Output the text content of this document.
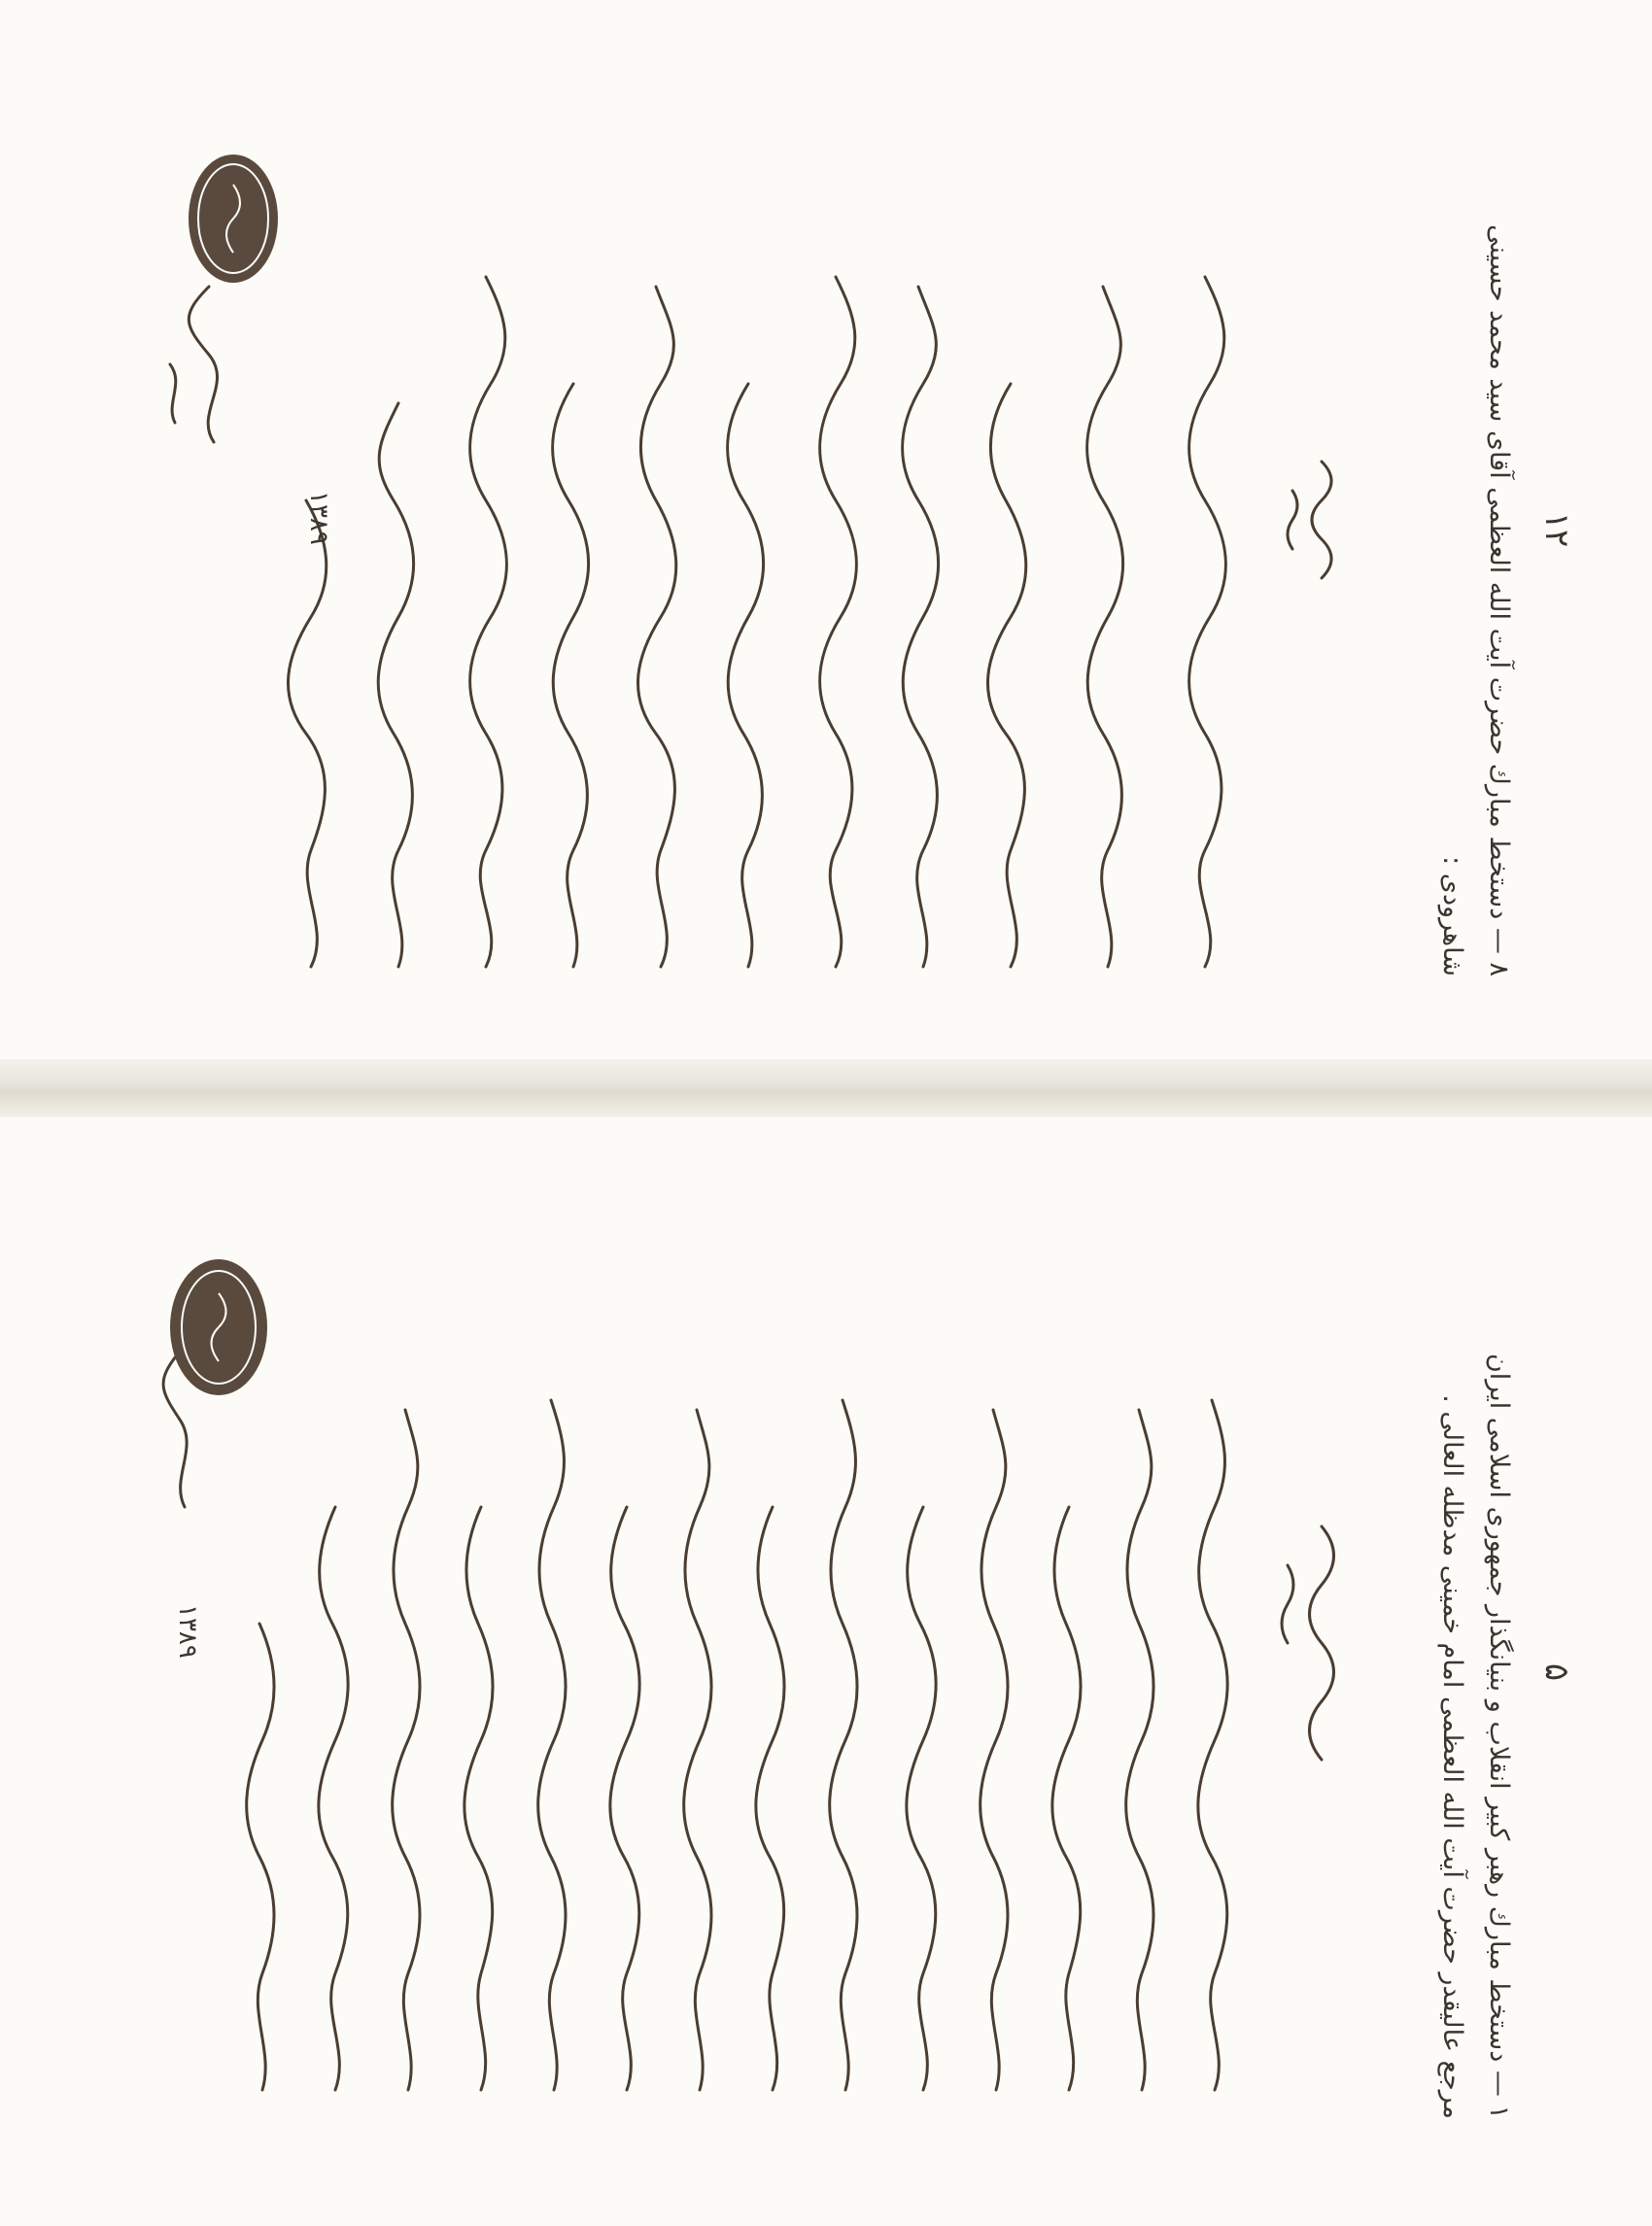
۱۲
۸ — دستخط مبارك حضرت آيت الله العظمى آقاى سيد محمد حسينى
شاهرودى :
۱۳۸۹
۵
۱ — دستخط مبارك رهبر كبير انقلاب و بنيانگذار جمهورى اسلامى ايران
مرجع عاليقدر حضرت آيت الله العظمى امام خمينى مدظله العالى .
۱۳۸۹
